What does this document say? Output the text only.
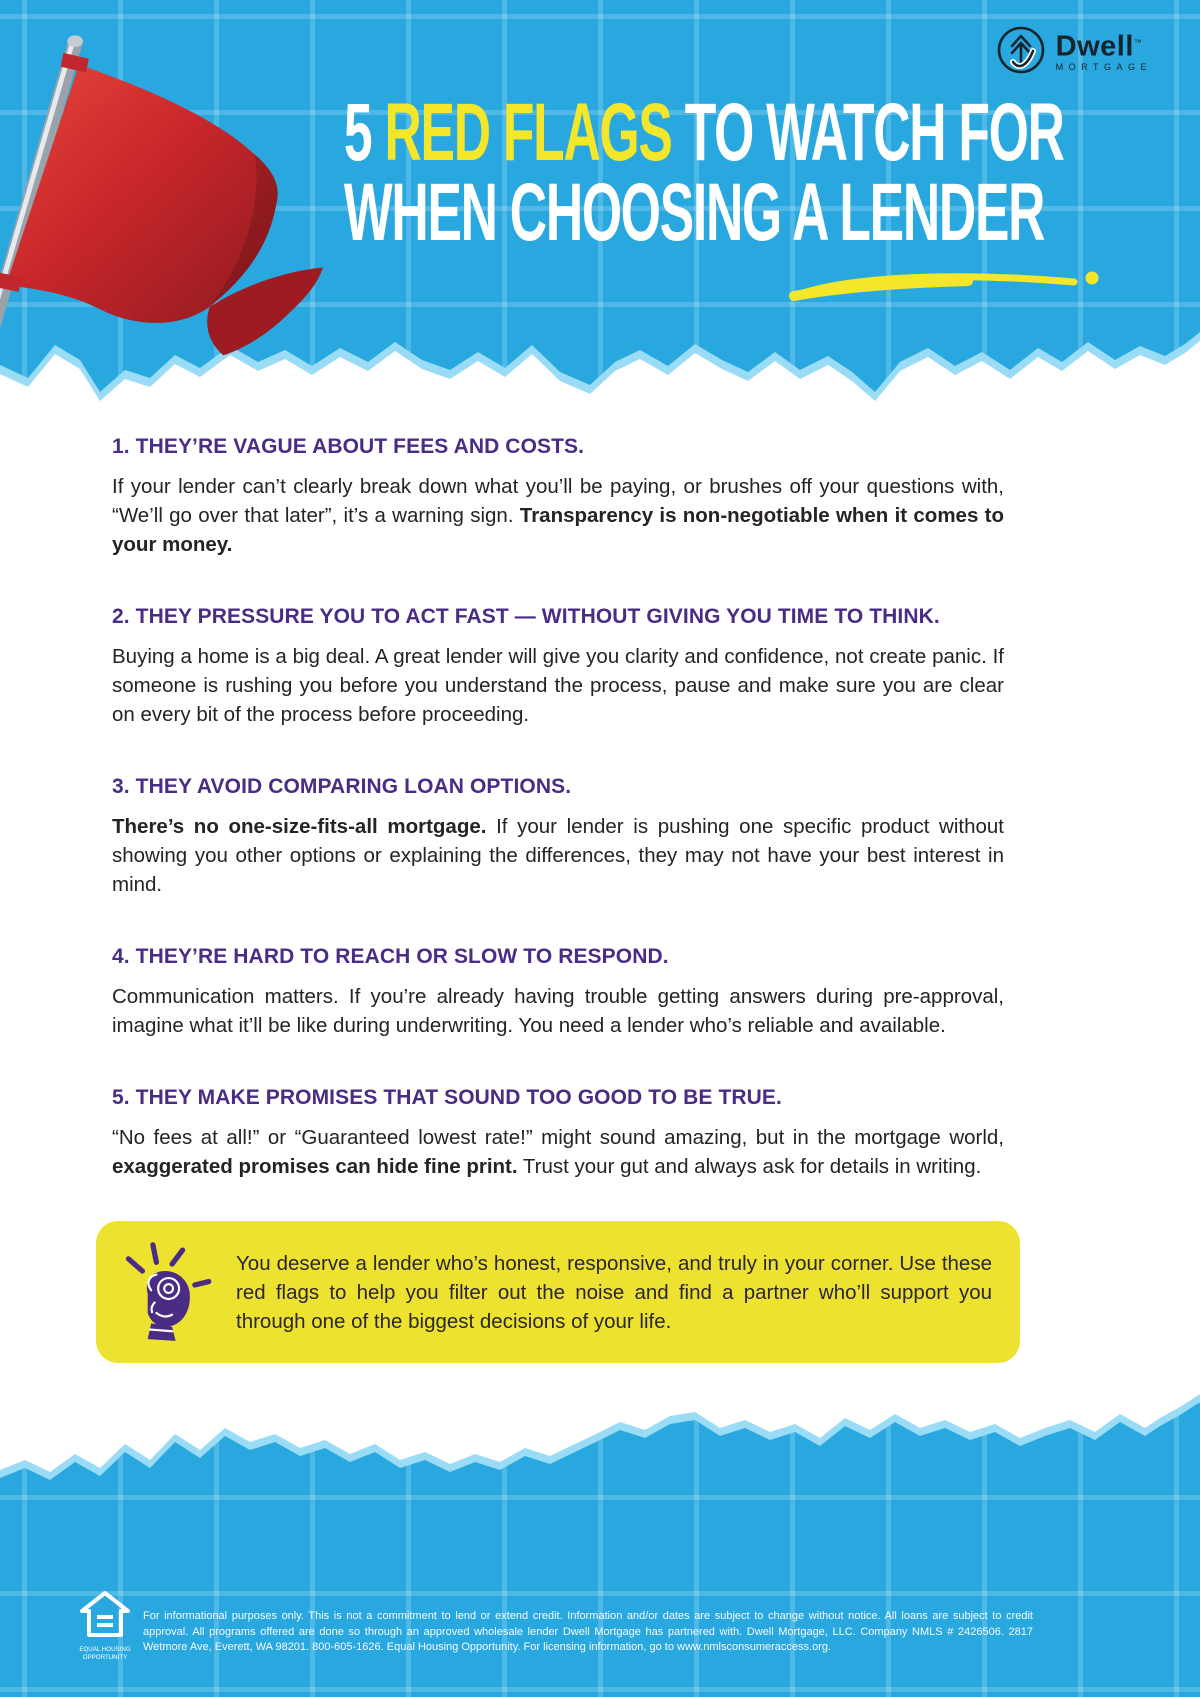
Dwell™
MORTGAGE
5 RED FLAGS TO WATCH FOR
WHEN CHOOSING A LENDER
1. THEY’RE VAGUE ABOUT FEES AND COSTS.

If your lender can’t clearly break down what you’ll be paying, or brushes off your questions with, “We’ll go over that later”, it’s a warning sign. Transparency is non-negotiable when it comes to your money.

2. THEY PRESSURE YOU TO ACT FAST — WITHOUT GIVING YOU TIME TO THINK.

Buying a home is a big deal. A great lender will give you clarity and confidence, not create panic. If someone is rushing you before you understand the process, pause and make sure you are clear on every bit of the process before proceeding.

3. THEY AVOID COMPARING LOAN OPTIONS.

There’s no one-size-fits-all mortgage. If your lender is pushing one specific product without showing you other options or explaining the differences, they may not have your best interest in mind.

4. THEY’RE HARD TO REACH OR SLOW TO RESPOND.

Communication matters. If you’re already having trouble getting answers during pre-approval, imagine what it’ll be like during underwriting. You need a lender who’s reliable and available.

5. THEY MAKE PROMISES THAT SOUND TOO GOOD TO BE TRUE.

“No fees at all!” or “Guaranteed lowest rate!” might sound amazing, but in the mortgage world, exaggerated promises can hide fine print. Trust your gut and always ask for details in writing.

You deserve a lender who’s honest, responsive, and truly in your corner. Use these red flags to help you filter out the noise and find a partner who’ll support you through one of the biggest decisions of your life.

EQUAL HOUSING
OPPORTUNITY

For informational purposes only. This is not a commitment to lend or extend credit. Information and/or dates are subject to change without notice. All loans are subject to credit approval. All programs offered are done so through an approved wholesale lender Dwell Mortgage has partnered with. Dwell Mortgage, LLC. Company NMLS # 2426506. 2817 Wetmore Ave, Everett, WA 98201. 800-605-1626. Equal Housing Opportunity. For licensing information, go to www.nmlsconsumeraccess.org.
